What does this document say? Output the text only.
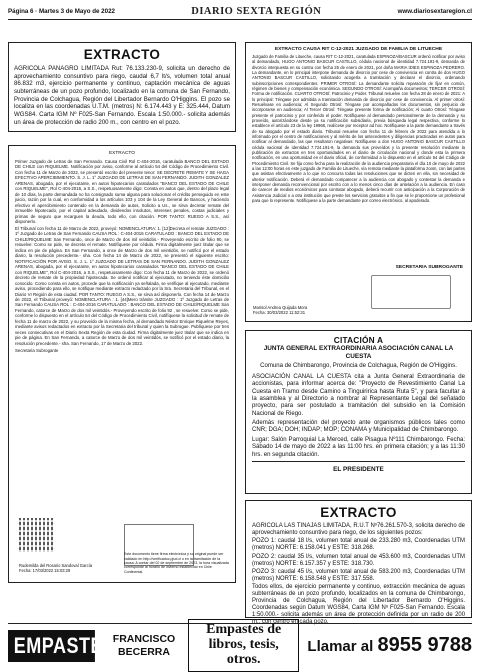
Página 6 · Martes 3 de Mayo de 2022	DIARIO SEXTA REGIÓN	www.diariosextaregion.cl
EXTRACTO
AGRICOLA PANAGRO LIMITADA Rut: 76.133.230-9, solicita un derecho de aprovechamiento consuntivo para riego, caudal 6,7 lt/s, volumen total anual 86.832 m3, ejercicio permanente y continuo, captación mecánica de aguas subterráneas de un pozo profundo, localizado en la comuna de San Fernando, Provincia de Colchagua, Región del Libertador Bernardo O'Higgins. El pozo se localiza en las coordenadas U.T.M. (metros) N: 6.174.443 y E: 325.444, Datum WGS84. Carta IGM Nº F025-San Fernando. Escala 1:50.000.- solicita además un área de protección de radio 200 m., con centro en el pozo.
EXTRACTO

Primer Juzgado de Letras de San Fernando. Causa Civil Rol C-404-2016, caratulada BANCO DEL ESTADO DE CHILE con RIQUELME. Notificación por aviso, conforme al artículo 54 del Código de Procedimiento Civil. Con fecha 11 de Marzo de 2022, se presentó escrito del presente tenor: SE DECRETE REMATE Y SE HAGA EFECTIVO APERCIBIMIENTO. S. J. L. 1° JUZGADO DE LETRAS DE SAN FERNANDO. JUDITH GONZALEZ ARENAS, abogada, por el ejecutante, en autos hipotecarios caratulados "BANCO DEL ESTADO DE CHILE con RIQUELME", Rol C-404-2016, a S.S., respetuosamente digo: Consta en autos que, dentro del plazo legal de 10 días, la parte demandada no ha consignado suma alguna para solucionar el crédito perseguido en este juicio, razón por la cual, en conformidad a los artículos 103 y 104 de la Ley General de Bancos, y haciendo efectivo el apercibimiento contenido en la demanda de autos, Solicito a Us., se sirva decretar remate del inmueble hipotecado, por el capital adeudado, dividendos insolutos, intereses penales, costas judiciales y primas de seguro que recarguen la deuda, todo ello, con citación. POR TANTO: RUEGO A S.S., así disponerlo.

El Tribunal con fecha 11 de Marzo de 2022, proveyó: NOMENCLATURA: 1. [12]Decreta el remate JUZGADO : 1º Juzgado de Letras de San Fernando CAUSA ROL : C-404-2016 CARATULADO : BANCO DEL ESTADO DE CHILE/RIQUELME San Fernando, once de Marzo de dos mil veintidós.- Proveyendo escrito de folio 90, se resuelve: Como se pide, se decreta el remate. Notifíquese por cédula. Firma digitalmente juez titular que se indica en pie de página. En San Fernando, a once de Marzo de dos mil veintidós, se notificó por el estado diario, la resolución precedente.- sha. Con fecha 14 de Marzo de 2022, se presentó el siguiente escrito: NOTIFICACIÓN POR AVISO. S. J. L. 1° JUZGADO DE LETRAS DE SAN FERNANDO. JUDITH GONZALEZ ARENAS, abogada, por el ejecutante, en autos hipotecarios caratulados "BANCO DEL ESTADO DE CHILE con RIQUELME", Rol C-404-2016, a S.S., respetuosamente digo: Con fecha 11 de Marzo de 2022, se ordenó decreto de remate de la propiedad hipotecada. Se ordenó notificar al ejecutado, no teniendo éste domicilio conocido. Como consta en autos, procede que la notificación ya señalada, se verifique al ejecutado, mediante aviso, procediendo para ello, se notifique mediante extracto redactado por la Sra. Secretaria del Tribunal, en el Diario VI Región de esta ciudad. POR TANTO: RUEGO A S.S., se sirva así disponerlo. Con fecha 14 de Marzo de 2022, el Tribunal proveyó: NOMENCLATURA : 1. [44]Mero trámite JUZGADO : 1º Juzgado de Letras de San Fernando CAUSA ROL : C-404-2016 CARATULADO : BANCO DEL ESTADO DE CHILE/RIQUELME San Fernando, catorce de Marzo de dos mil veintidós.- Proveyendo escrito de folio 92 , se resuelve: Como se pide, conforme lo dispuesto en el artículo 54 del Código de Procedimiento Civil, notifíquese la solicitud de remate de fecha 11 de marzo de 2022, y su proveído de la misma fecha, al demandado Néstor Enrique Riquelme Reyes, mediante avisos redactados en extracto por la Secretaria del tribunal y quien la Subrogue. Publíquese por tres veces consecutivas en el Diario Sexta Región de esta ciudad. Firma digitalmente juez titular que se indica en pie de página. En San Fernando, a catorce de Marzo de dos mil veintidós, se notificó por el estado diario, la resolución precedente.- sha. San Fernando, 17 de Marzo de 2022.

Secretaria Subrogante

Rudemilda del Rosario Sandoval García
Fecha: 17/03/2022 15:03:29
Este documento tiene firma electrónica y su original puede ser validado en http://verificadoc.pjud.cl o en la tramitación de la causa. A contar del 02 de septiembre de 2023, la hora visualizada corresponde al horario de invierno establecido en Chile Continental.
EXTRACTO CAUSA RIT C-12-2021 JUZGADO DE FAMILIA DE LITUECHE
Juzgado de Familia de Litueche, causa RIT C-12-2021, caratulada ESPINOZA/BASCUR ordenó notificar por aviso al demandado, HUGO ANTONIO BASCUR CASTILLO, cédula nacional de identidad 7.724.191-9, demanda de divorcio interpuesta en su contra con fecha 25 de enero de 2021, por doña MARIA IDIES ESPINOZA PEDRERO. La demandante, en lo principal interpone demanda de divorcio por cese de convivencia en contra de don HUGO ANTONIO BASCUR CASTILLO, solicitando acogerla a tramitación y declarar el divorcio, ordenando subinscripciones correspondientes. PRIMER OTROSÍ: La demandante solicita reparación de fijar en común, régimen de bienes y compensación económica. SEGUNDO OTROSÍ: Acompaña documentos; TERCER OTROSÍ: Forma de notificación. CUARTO OTROSÍ: Patrocinio y Poder. Tribunal resuelve con fecha 28 de enero de 2021: A lo principal: Téngase por admitida a tramitación demanda de divorcio por cese de convivencia. Al primer otrosí: Resuélvase en audiencia; Al Segundo Otrosí: Téngase por acompañados los documentos, sin perjuicio de incorporarse en audiencia; Al Tercer Otrosí: Téngase presente forma de notificación; Al cuarto Otrosí: Téngase presente el patrocinio y por conferido el poder. Notifíquese al demandado personalmente de la demanda y su proveído, autorizándose desde ya su notificación subsidiaria, previa búsqueda legal respectiva, conforme lo establece el artículo 23 de la ley 19968, realícese por receptor ad hoc. Notifíquese a la parte demandante a través de su abogado por el estado diario. Tribunal resuelve con fecha 11 de febrero de 2022 para atendida a lo informado por el centro de notificaciones y al mérito de los antecedentes y diligencias practicadas en autos para notificar al demandado, las que resultaron negativas: Notifíquese a don HUGO ANTONIO BASCUR CASTILLO cédula nacional de identidad 7.724.191-9, la demanda sus proveídos y la presente resolución mediante la publicación de extractos en tres oportunidades en el diario de circulación nacional y donde esta la primera notificación, en una oportunidad en el diario oficial, de conformidad a lo dispuesto en el artículo 54 del Código de Procedimiento Civil. Se fija como fecha para la realización de la audiencia preparatoria el día 10 de mayo de 2022 a las 12:00 horas en este juzgado de Familia de Litueche, vía remota mediante la plataforma zoom, con las partes que asistan efectivamente a lo que no concurra todas las resoluciones que se dicten en ella, sin necesidad de ulterior notificación. Deberá el demandado comparecer a la audiencia con abogado y contestar la demanda e interponer demanda reconvencional por escrito con a lo menos cinco días de antelación a la audiencia. En caso de carecer de medios económicos para contratar abogado, deberá recurrir con anticipación a la Corporación de Asistencia Judicial o a otra institución que preste los servicios gratuitos a fin que se le proporcione un profesional para que lo represente. Notifíquese a la parte demandante por correo electrónico, al apoderado.
SECRETARIA SUBROGANTE
Marisol Andrea Quijada Mora
Fecha: 30/03/2022 11:52:31
CITACIÓN A
JUNTA GENERAL EXTRAORDINARIA ASOCIACIÓN CANAL LA CUESTA
Comuna de Chimbarongo, Provincia de Colchagua, Región de O'Higgins.
ASOCIACIÓN CANAL LA CUESTA cita a Junta General Extraordinaria de accionistas, para informar acerca de: "Proyecto de Revestimiento Canal La Cuesta en Tramo desde Camino a Tinguiririca hasta Ruta 5", y para facultar a la asamblea y al Directorio a nombrar al Representante Legal del señalado proyecto, para ser postulado a tramitación del subsidio en la Comisión Nacional de Riego.
Además representación del proyecto ante organismos públicos tales como CNR; DGA; DOH; INDAP; MOP; CONAMA y Municipalidad de Chimbarongo.
Lugar: Salón Parroquial La Merced, calle Pisagua Nº111 Chimbarongo. Fecha: Sábado 14 de mayo de 2022 a las 11:00 hrs. en primera citación; y a las 11:30 hrs. en segunda citación.
EL PRESIDENTE
EXTRACTO

AGRICOLA LAS TINAJAS LIMITADA, R.U.T Nº76.261.570-3, solicita derecho de aprovechamiento consuntivo para riego, de los siguientes pozos:

POZO 1: caudal 18 l/s, volumen total anual de 233.280 m3, Coordenadas UTM (metros) NORTE: 6.158.041 y ESTE: 318.268.

POZO 2: caudal 35 l/s, volumen total anual de 453.600 m3, Coordenadas UTM (metros) NORTE: 6.157.357 y ESTE: 318.730.

POZO 3: caudal 45 l/s, volumen total anual de 583.200 m3, Coordenadas UTM (metros) NORTE: 6.158.548 y ESTE: 317.558.

Todos ellos, de ejercicio permanente y continuo, extracción mecánica de aguas subterráneas de un pozo profundo, localizados en la comuna de Chimbarongo, Provincia de Colchagua, Región del Libertador Bernardo O'Higgins. Coordenadas según Datum WGS84, Carta IGM Nº F025-San Fernando. Escala 1:50.000.- solicita además un área de protección definida por un radio de 200 m., con centro en cada pozo.

EMPASTES
FRANCISCO
BECERRA
Empastes de libros, tesis, otros.
Llamar al 8955 9788
